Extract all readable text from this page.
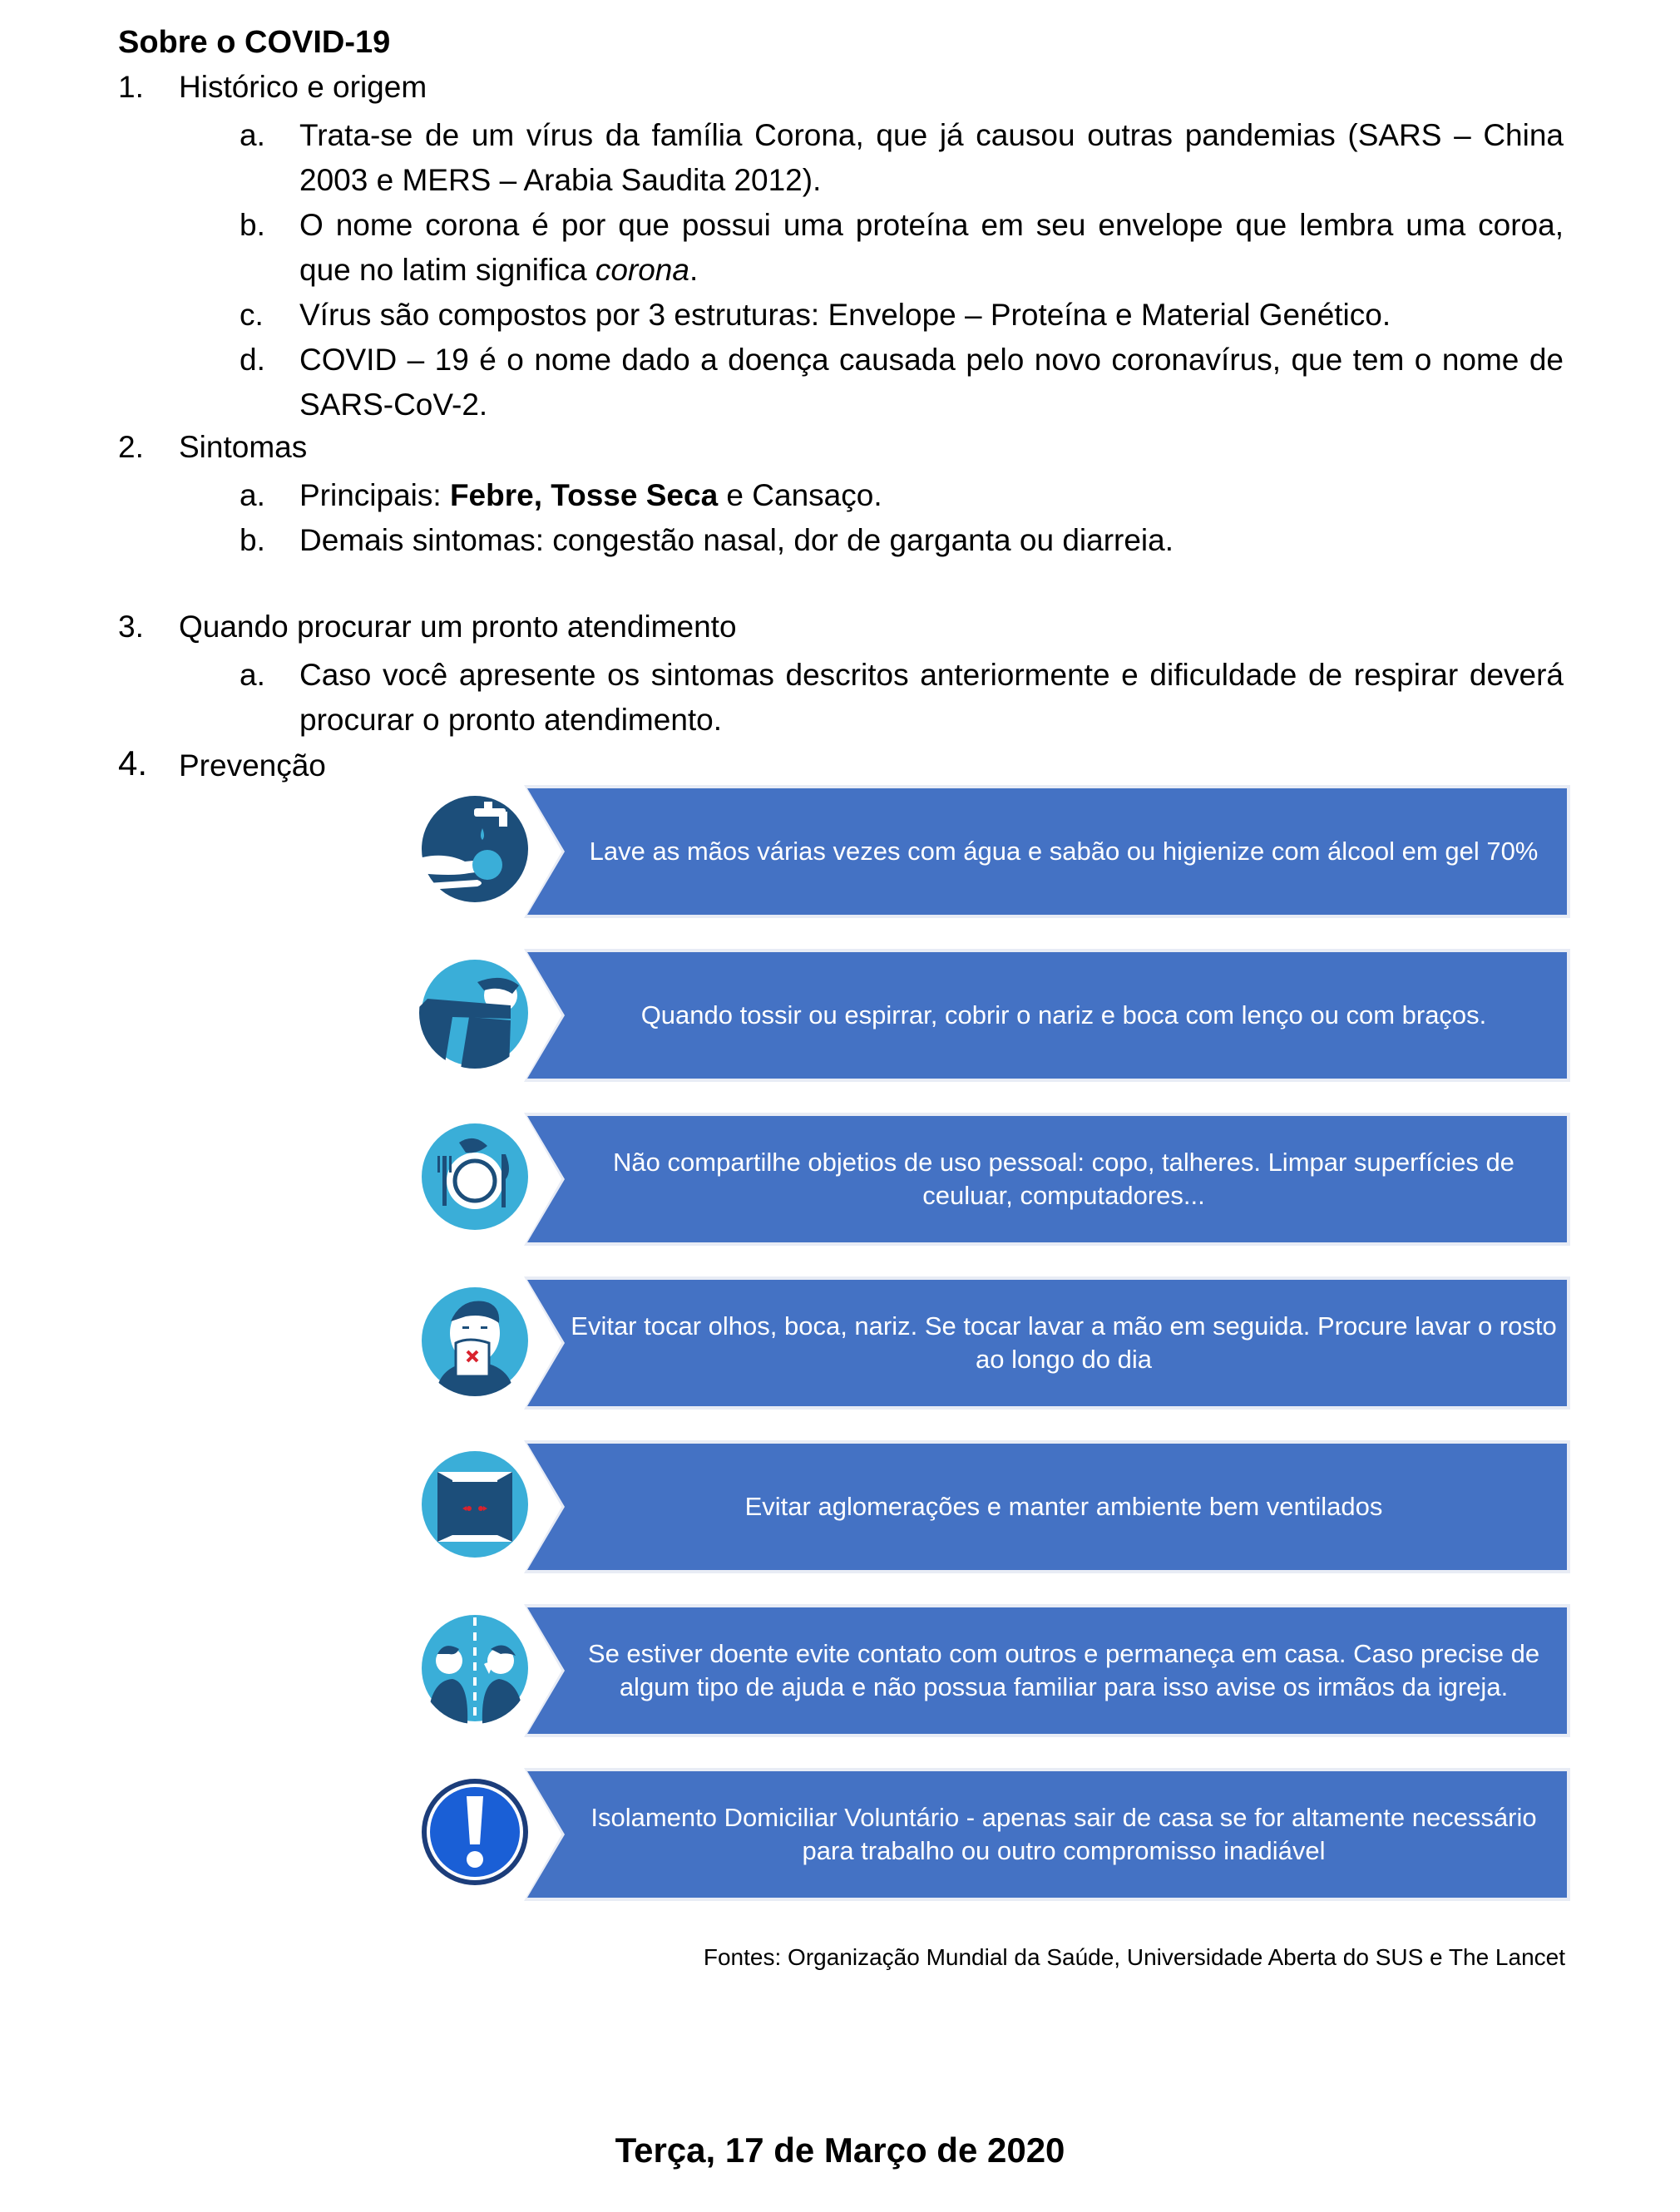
Sobre o COVID-19
1. Histórico e origem
a. Trata-se de um vírus da família Corona, que já causou outras pandemias (SARS – China 2003 e MERS – Arabia Saudita 2012).
b. O nome corona é por que possui uma proteína em seu envelope que lembra uma coroa, que no latim significa corona.
c. Vírus são compostos por 3 estruturas: Envelope – Proteína e Material Genético.
d. COVID – 19 é o nome dado a doença causada pelo novo coronavírus, que tem o nome de SARS-CoV-2.
2. Sintomas
a. Principais: Febre, Tosse Seca e Cansaço.
b. Demais sintomas: congestão nasal, dor de garganta ou diarreia.
3. Quando procurar um pronto atendimento
a. Caso você apresente os sintomas descritos anteriormente e dificuldade de respirar deverá procurar o pronto atendimento.
4. Prevenção
Lave as mãos várias vezes com água e sabão ou higienize com álcool em gel 70%
Quando tossir ou espirrar, cobrir o nariz e boca com lenço ou com braços.
Não compartilhe objetios de uso pessoal: copo, talheres. Limpar superfícies de ceuluar, computadores...
Evitar tocar olhos, boca, nariz. Se tocar lavar a mão em seguida. Procure lavar o rosto ao longo do dia
Evitar aglomerações e manter ambiente bem ventilados
Se estiver doente evite contato com outros e permaneça em casa. Caso precise de algum tipo de ajuda e não possua familiar para isso avise os irmãos da igreja.
Isolamento Domiciliar Voluntário - apenas sair de casa se for altamente necessário para trabalho ou outro compromisso inadiável
Fontes: Organização Mundial da Saúde, Universidade Aberta do SUS e The Lancet
Terça, 17 de Março de 2020
